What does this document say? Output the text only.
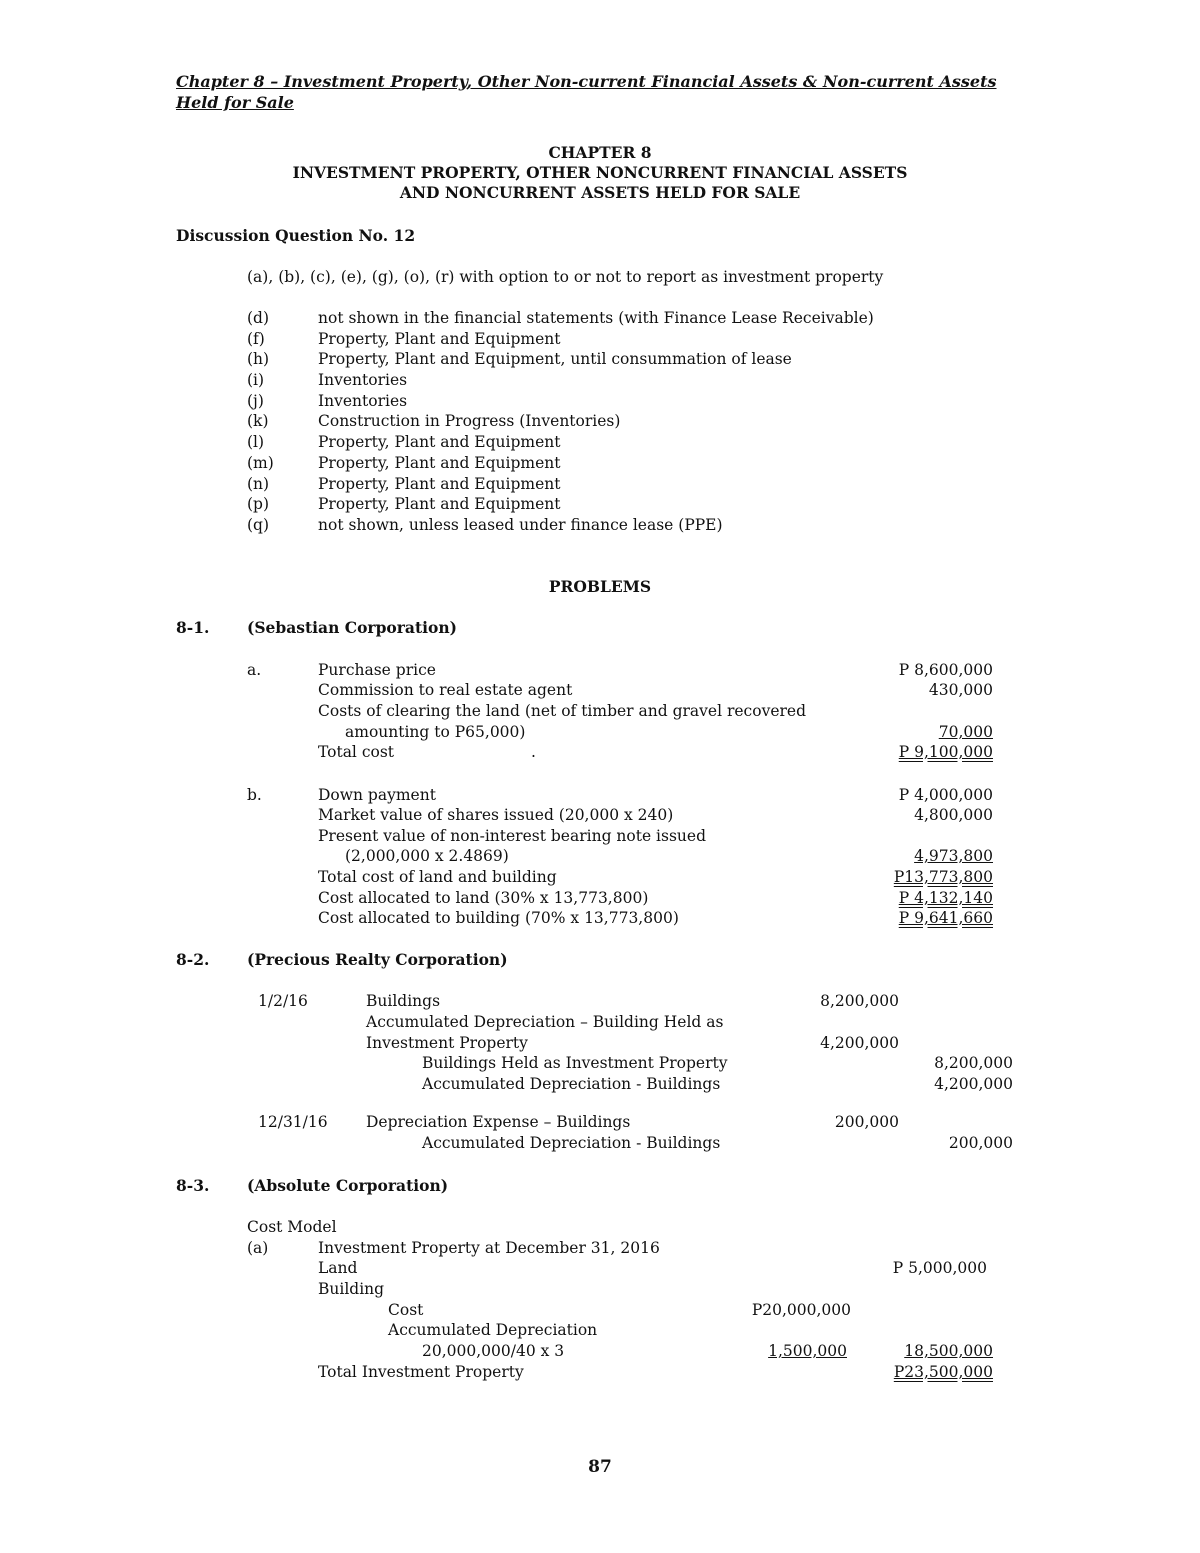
Chapter 8 – Investment Property, Other Non-current Financial Assets & Non-current Assets
Held for Sale
CHAPTER 8
INVESTMENT PROPERTY, OTHER NONCURRENT FINANCIAL ASSETS
AND NONCURRENT ASSETS HELD FOR SALE
Discussion Question No. 12
(a), (b), (c), (e), (g), (o), (r) with option to or not to report as investment property
(d)	not shown in the financial statements (with Finance Lease Receivable)
(f)	Property, Plant and Equipment
(h)	Property, Plant and Equipment, until consummation of lease
(i)	Inventories
(j)	Inventories
(k)	Construction in Progress (Inventories)
(l)	Property, Plant and Equipment
(m)	Property, Plant and Equipment
(n)	Property, Plant and Equipment
(p)	Property, Plant and Equipment
(q)	not shown, unless leased under finance lease (PPE)
PROBLEMS
8-1. (Sebastian Corporation)
a.	Purchase price	P 8,600,000
Commission to real estate agent	430,000
Costs of clearing the land (net of timber and gravel recovered
amounting to P65,000)	70,000
Total cost	.	P 9,100,000
b.	Down payment	P 4,000,000
Market value of shares issued (20,000 x 240)	4,800,000
Present value of non-interest bearing note issued
(2,000,000 x 2.4869)	4,973,800
Total cost of land and building	P13,773,800
Cost allocated to land (30% x 13,773,800)	P 4,132,140
Cost allocated to building (70% x 13,773,800)	P 9,641,660
8-2. (Precious Realty Corporation)
1/2/16	Buildings	8,200,000
Accumulated Depreciation – Building Held as
Investment Property	4,200,000
Buildings Held as Investment Property	8,200,000
Accumulated Depreciation - Buildings	4,200,000
12/31/16 Depreciation Expense – Buildings	200,000
Accumulated Depreciation - Buildings	200,000
8-3. (Absolute Corporation)
Cost Model
(a)	Investment Property at December 31, 2016
Land	P 5,000,000
Building
Cost	P20,000,000
Accumulated Depreciation
20,000,000/40 x 3	1,500,000	18,500,000
Total Investment Property	P23,500,000
87
